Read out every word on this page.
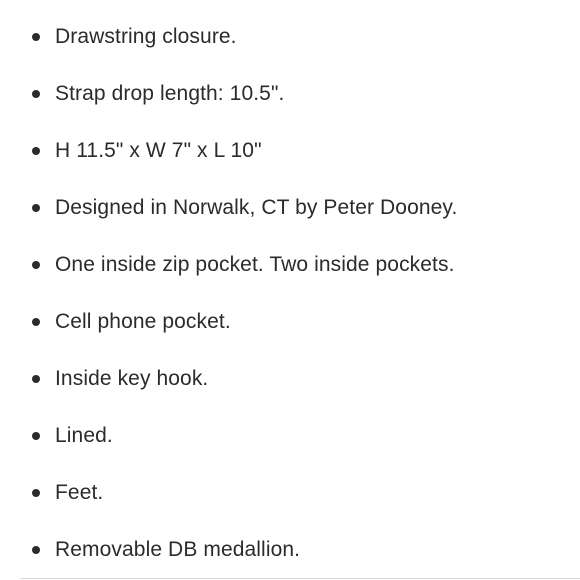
Drawstring closure.
Strap drop length: 10.5".
H 11.5" x W 7" x L 10"
Designed in Norwalk, CT by Peter Dooney.
One inside zip pocket. Two inside pockets.
Cell phone pocket.
Inside key hook.
Lined.
Feet.
Removable DB medallion.
